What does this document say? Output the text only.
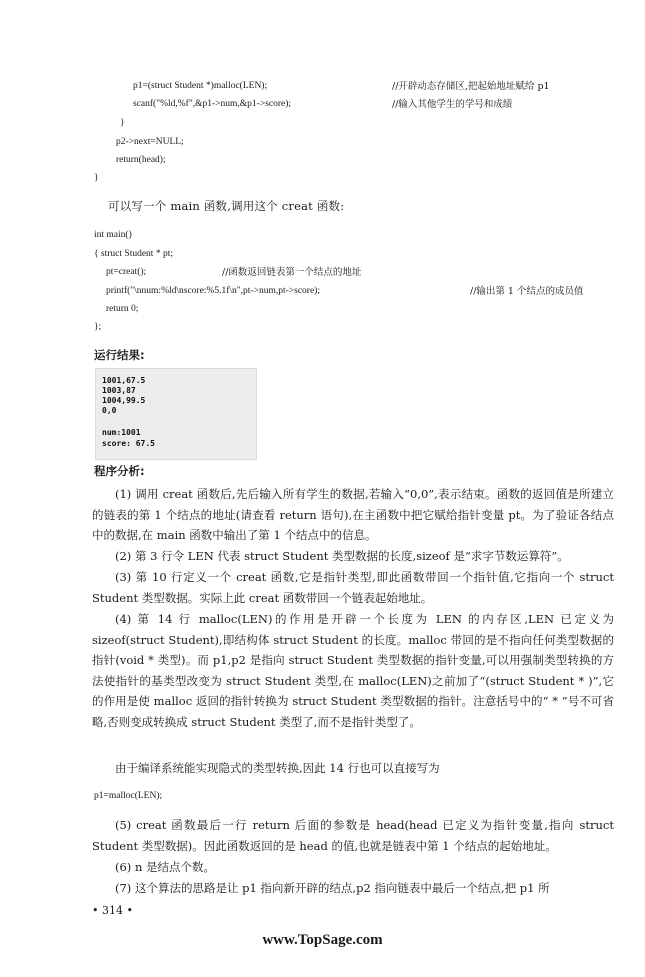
p1=(struct Student *)malloc(LEN);	//开辟动态存储区,把起始地址赋给 p1
scanf("%ld,%f",&p1->num,&p1->score);	//输入其他学生的学号和成绩
}
p2->next=NULL;
return(head);
}
可以写一个 main 函数,调用这个 creat 函数:
int main()
{ struct Student * pt;
pt=creat();	//函数返回链表第一个结点的地址
printf("\nnum:%ld\nscore:%5.1f\n",pt->num,pt->score);	//输出第 1 个结点的成员值
return 0;
};
运行结果:
1001,67.5
1003,87
1004,99.5
0,0
num:1001
score: 67.5
程序分析:
(1) 调用 creat 函数后,先后输入所有学生的数据,若输入“0,0”,表示结束。函数的返回值是所建立的链表的第 1 个结点的地址(请查看 return 语句),在主函数中把它赋给指针变量 pt。为了验证各结点中的数据,在 main 函数中输出了第 1 个结点中的信息。
(2) 第 3 行令 LEN 代表 struct Student 类型数据的长度,sizeof 是“求字节数运算符”。
(3) 第 10 行定义一个 creat 函数,它是指针类型,即此函数带回一个指针值,它指向一个 struct Student 类型数据。实际上此 creat 函数带回一个链表起始地址。
(4) 第 14 行 malloc(LEN)的作用是开辟一个长度为 LEN 的内存区,LEN 已定义为 sizeof(struct Student),即结构体 struct Student 的长度。malloc 带回的是不指向任何类型数据的指针(void * 类型)。而 p1,p2 是指向 struct Student 类型数据的指针变量,可以用强制类型转换的方法使指针的基类型改变为 struct Student 类型,在 malloc(LEN)之前加了“(struct Student * )”,它的作用是使 malloc 返回的指针转换为 struct Student 类型数据的指针。注意括号中的“ * ”号不可省略,否则变成转换成 struct Student 类型了,而不是指针类型了。
由于编译系统能实现隐式的类型转换,因此 14 行也可以直接写为
p1=malloc(LEN);
(5) creat 函数最后一行 return 后面的参数是 head(head 已定义为指针变量,指向 struct Student 类型数据)。因此函数返回的是 head 的值,也就是链表中第 1 个结点的起始地址。
(6) n 是结点个数。
(7) 这个算法的思路是让 p1 指向新开辟的结点,p2 指向链表中最后一个结点,把 p1 所
• 314 •
www.TopSage.com
